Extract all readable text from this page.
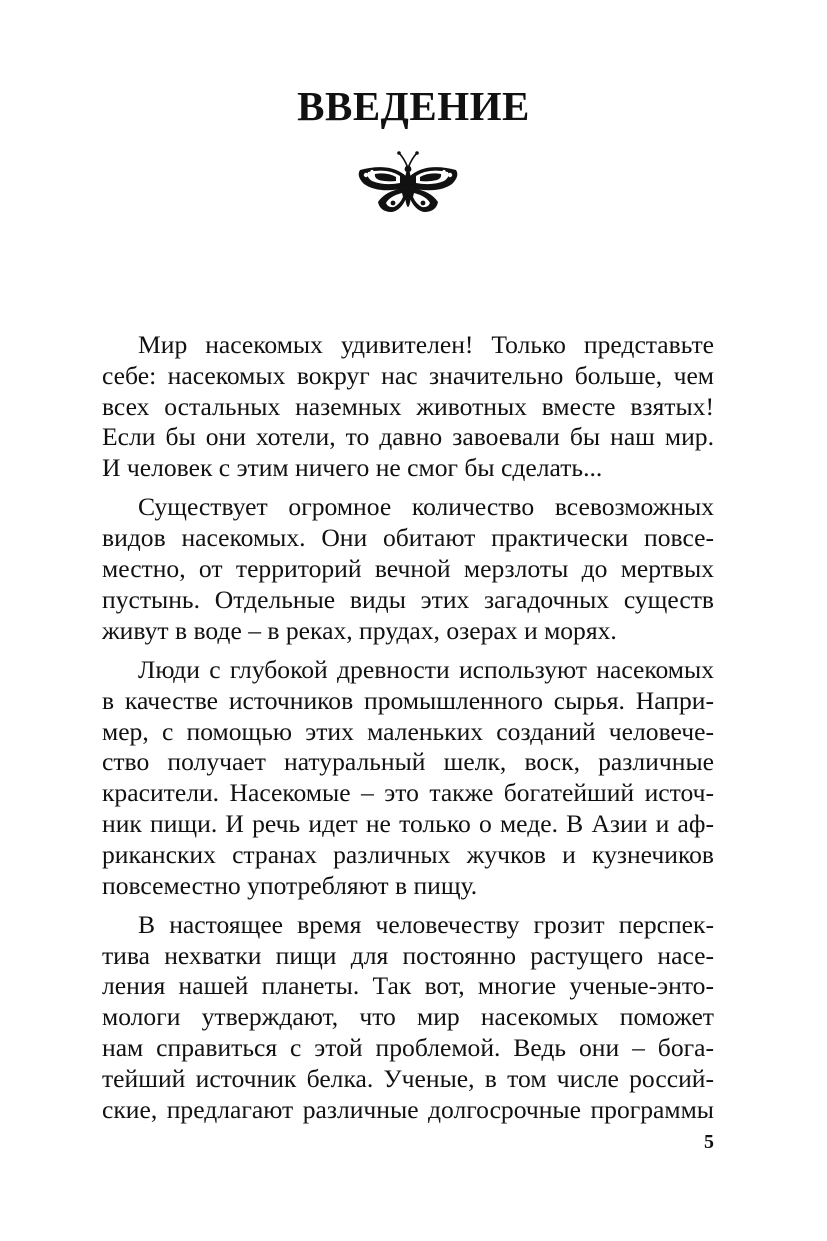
ВВЕДЕНИЕ

Мир насекомых удивителен! Только представьте
себе: насекомых вокруг нас значительно больше, чем
всех остальных наземных животных вместе взятых!
Если бы они хотели, то давно завоевали бы наш мир.
И человек с этим ничего не смог бы сделать...

Существует огромное количество всевозможных
видов насекомых. Они обитают практически повсе-
местно, от территорий вечной мерзлоты до мертвых
пустынь. Отдельные виды этих загадочных существ
живут в воде – в реках, прудах, озерах и морях.

Люди с глубокой древности используют насекомых
в качестве источников промышленного сырья. Напри-
мер, с помощью этих маленьких созданий человече-
ство получает натуральный шелк, воск, различные
красители. Насекомые – это также богатейший источ-
ник пищи. И речь идет не только о меде. В Азии и аф-
риканских странах различных жучков и кузнечиков
повсеместно употребляют в пищу.

В настоящее время человечеству грозит перспек-
тива нехватки пищи для постоянно растущего насе-
ления нашей планеты. Так вот, многие ученые-энто-
мологи утверждают, что мир насекомых поможет
нам справиться с этой проблемой. Ведь они – бога-
тейший источник белка. Ученые, в том числе россий-
ские, предлагают различные долгосрочные программы

5
